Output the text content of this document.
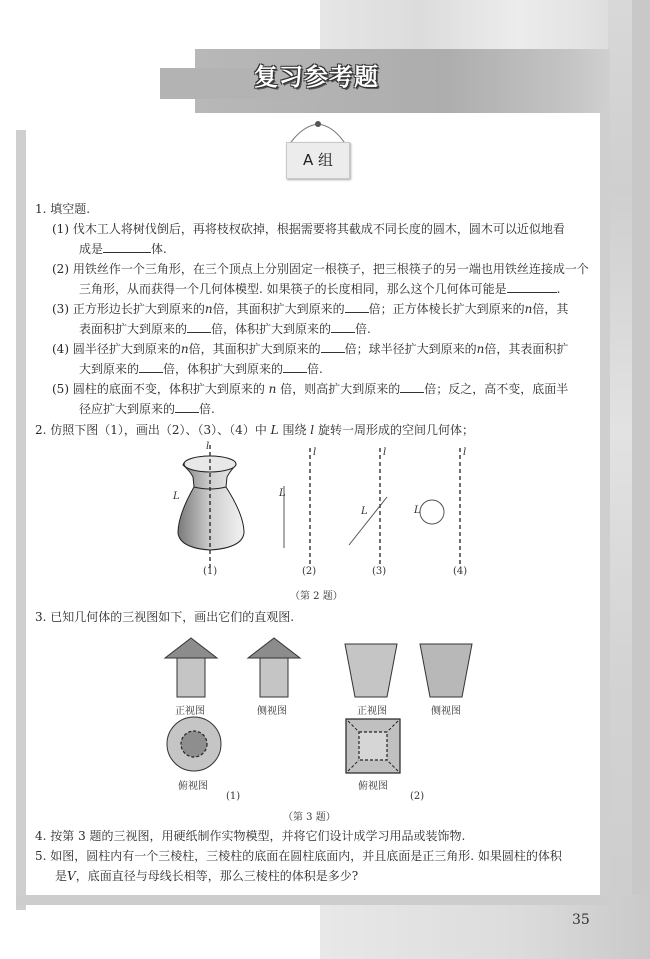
复习参考题
A 组
1. 填空题.
(1) 伐木工人将树伐倒后，再将枝杈砍掉，根据需要将其截成不同长度的圆木，圆木可以近似地看
成是	体.
(2) 用铁丝作一个三角形，在三个顶点上分别固定一根筷子，把三根筷子的另一端也用铁丝连接成一个
三角形，从而获得一个几何体模型. 如果筷子的长度相同，那么这个几何体可能是	.
(3) 正方形边长扩大到原来的n倍，其面积扩大到原来的 倍；正方体棱长扩大到原来的n倍，其
表面积扩大到原来的 倍，体积扩大到原来的 倍.
(4) 圆半径扩大到原来的n倍，其面积扩大到原来的 倍；球半径扩大到原来的n倍，其表面积扩
大到原来的 倍，体积扩大到原来的 倍.
(5) 圆柱的底面不变，体积扩大到原来的 n 倍，则高扩大到原来的 倍；反之，高不变，底面半
径应扩大到原来的 倍.
2. 仿照下图（1），画出（2）、（3）、（4）中 L 围绕 l 旋转一周形成的空间几何体；
l
L
l
L
l
L
l
L
(1)	(2)	(3)	(4)
（第 2 题）
3. 已知几何体的三视图如下，画出它们的直观图.
正视图	侧视图	正视图	侧视图
俯视图	俯视图
(1)	(2)
（第 3 题）
4. 按第 3 题的三视图，用硬纸制作实物模型，并将它们设计成学习用品或装饰物.
5. 如图，圆柱内有一个三棱柱，三棱柱的底面在圆柱底面内，并且底面是正三角形. 如果圆柱的体积
是V，底面直径与母线长相等，那么三棱柱的体积是多少?
35
